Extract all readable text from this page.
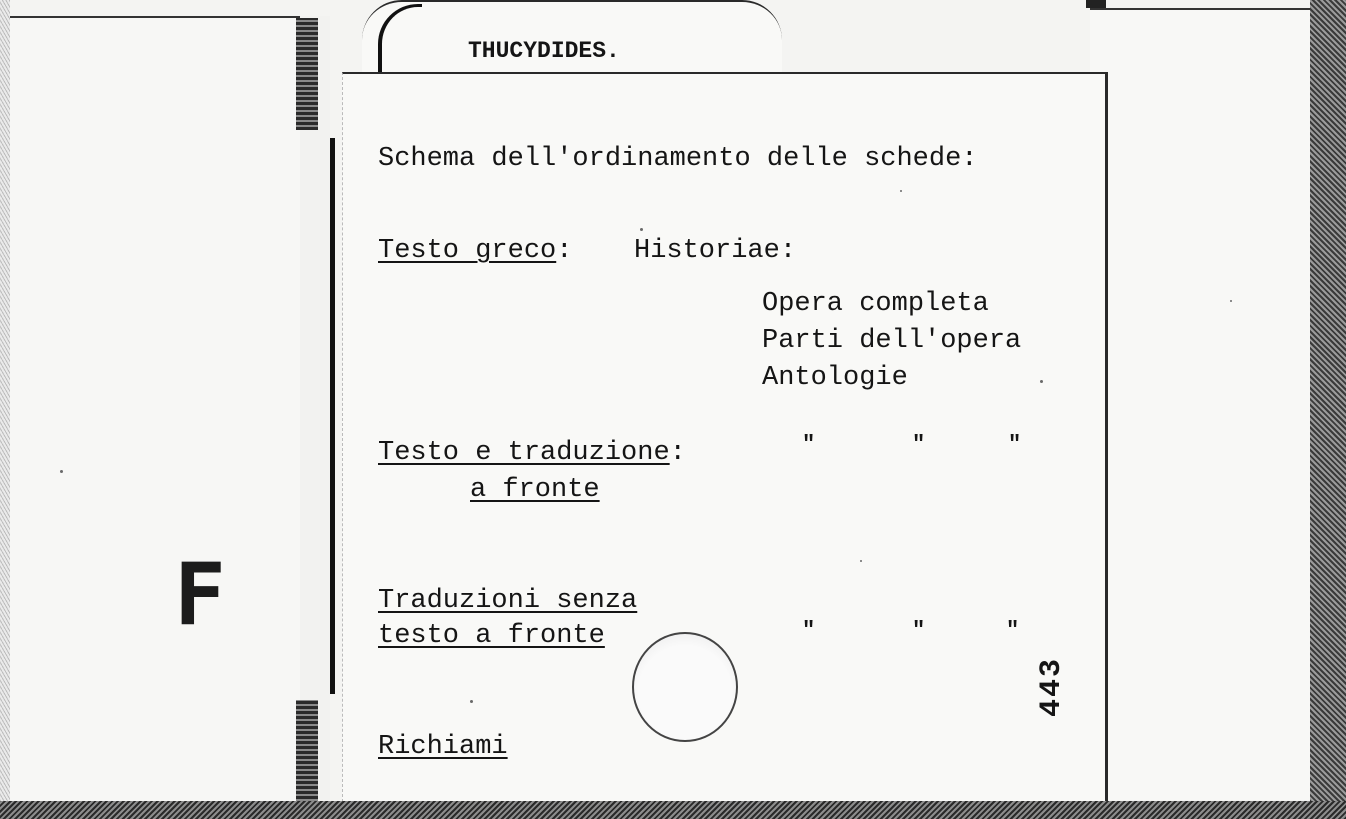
F
THUCYDIDES.
Schema dell'ordinamento delle schede:
Testo greco: Historiae:
Opera completa
Parti dell'opera
Antologie
Testo e traduzione:
a fronte
"	"	"
Traduzioni senza
testo a fronte	"	"	"
443
Richiami
